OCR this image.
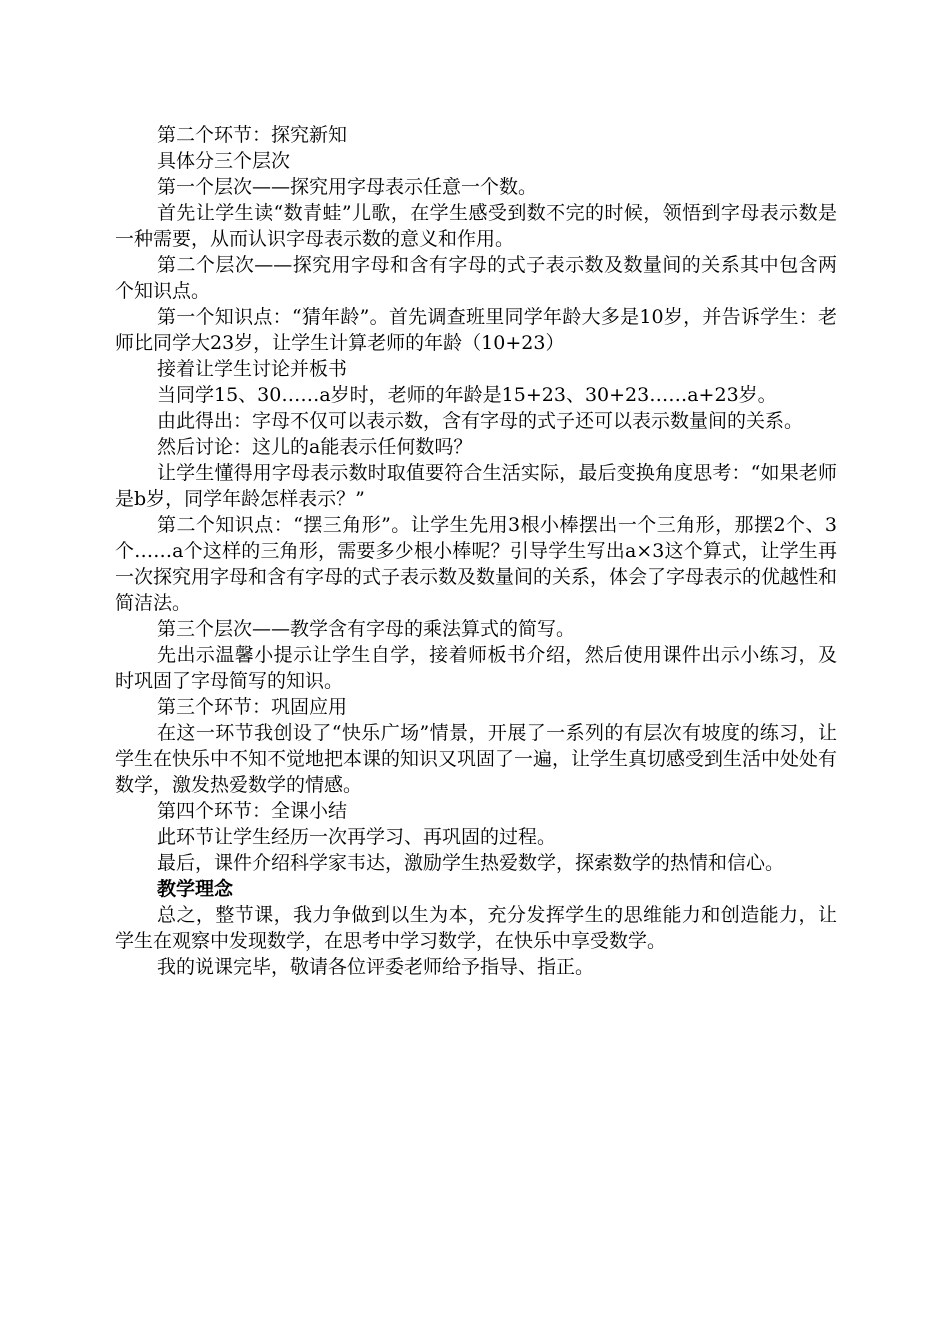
第二个环节：探究新知

具体分三个层次

第一个层次——探究用字母表示任意一个数。

首先让学生读“数青蛙”儿歌，在学生感受到数不完的时候，领悟到字母表示数是一种需要，从而认识字母表示数的意义和作用。

第二个层次——探究用字母和含有字母的式子表示数及数量间的关系其中包含两个知识点。

第一个知识点：“猜年龄”。首先调查班里同学年龄大多是10岁，并告诉学生：老师比同学大23岁，让学生计算老师的年龄（10+23）

接着让学生讨论并板书

当同学15、30……a岁时，老师的年龄是15+23、30+23……a+23岁。

由此得出：字母不仅可以表示数，含有字母的式子还可以表示数量间的关系。

然后讨论：这儿的a能表示任何数吗？

让学生懂得用字母表示数时取值要符合生活实际，最后变换角度思考：“如果老师是b岁，同学年龄怎样表示？”

第二个知识点：“摆三角形”。让学生先用3根小棒摆出一个三角形，那摆2个、3个……a个这样的三角形，需要多少根小棒呢？引导学生写出a×3这个算式，让学生再一次探究用字母和含有字母的式子表示数及数量间的关系，体会了字母表示的优越性和简洁法。

第三个层次——教学含有字母的乘法算式的简写。

先出示温馨小提示让学生自学，接着师板书介绍，然后使用课件出示小练习，及时巩固了字母简写的知识。

第三个环节：巩固应用

在这一环节我创设了“快乐广场”情景，开展了一系列的有层次有坡度的练习，让学生在快乐中不知不觉地把本课的知识又巩固了一遍，让学生真切感受到生活中处处有数学，激发热爱数学的情感。

第四个环节：全课小结

此环节让学生经历一次再学习、再巩固的过程。

最后，课件介绍科学家韦达，激励学生热爱数学，探索数学的热情和信心。

教学理念

总之，整节课，我力争做到以生为本，充分发挥学生的思维能力和创造能力，让学生在观察中发现数学，在思考中学习数学，在快乐中享受数学。

我的说课完毕，敬请各位评委老师给予指导、指正。
